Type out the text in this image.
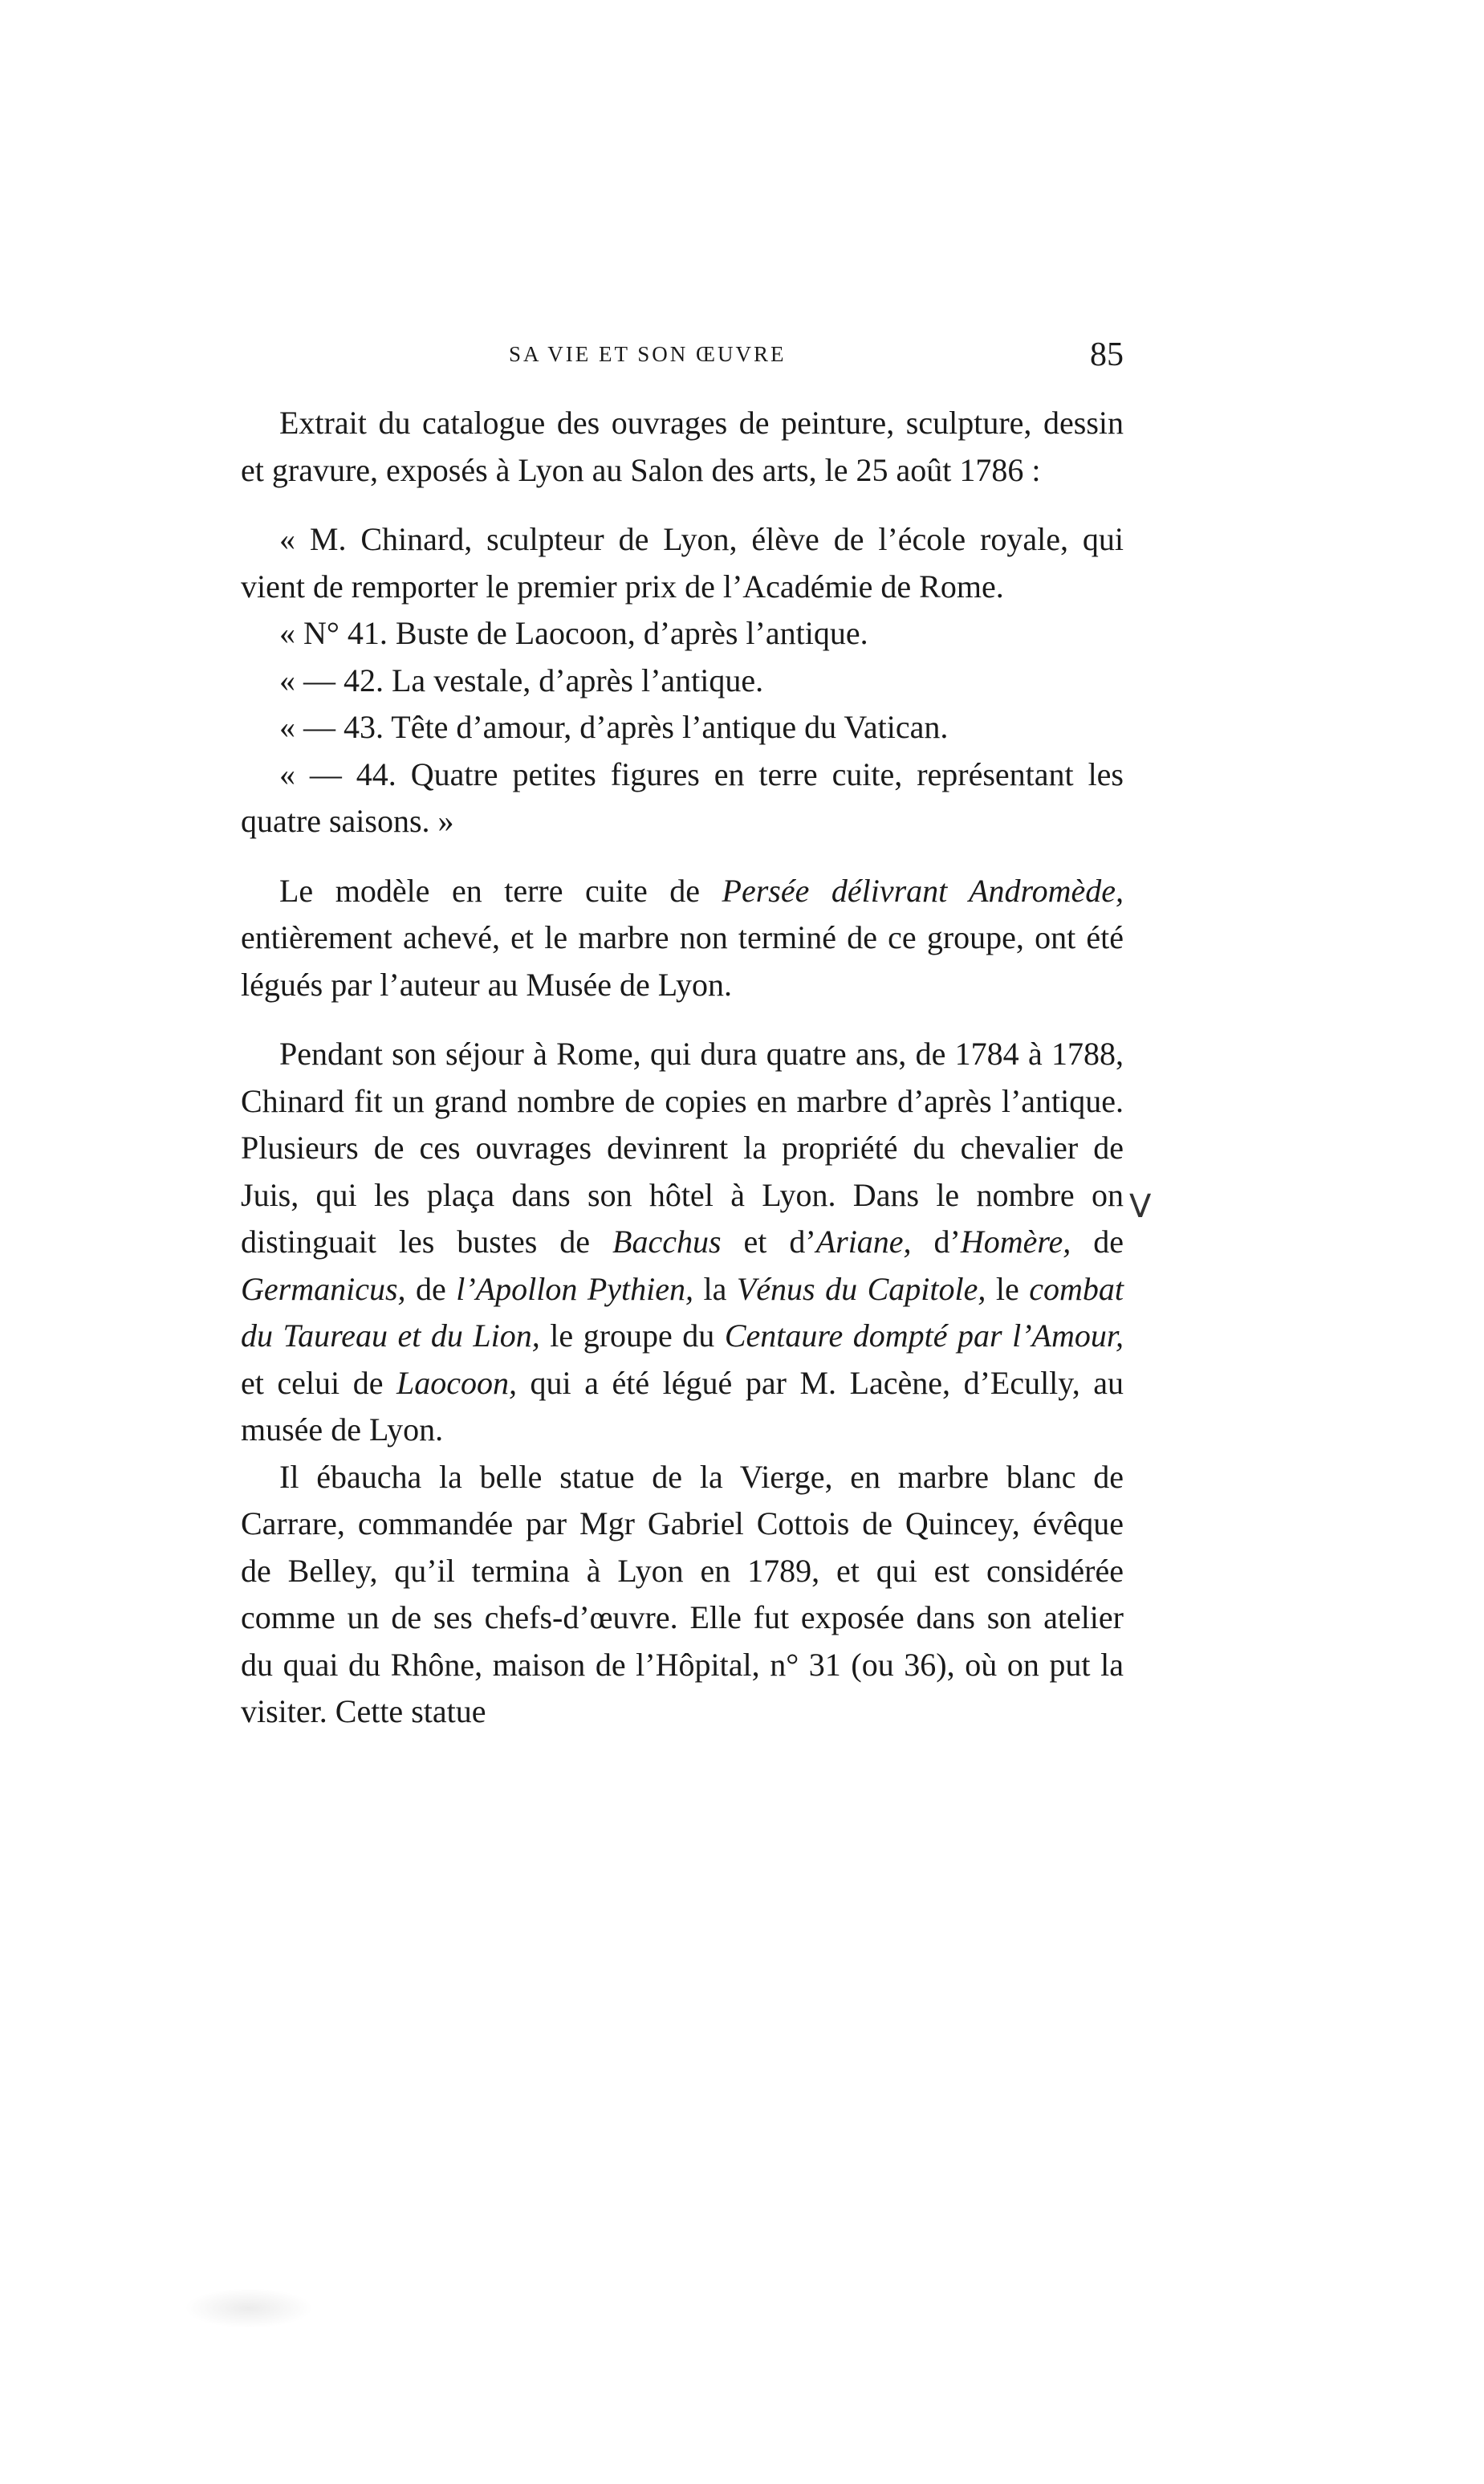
SA VIE ET SON ŒUVRE	85

Extrait du catalogue des ouvrages de peinture, sculpture, dessin et gravure, exposés à Lyon au Salon des arts, le 25 août 1786 :

« M. Chinard, sculpteur de Lyon, élève de l’école royale, qui vient de remporter le premier prix de l’Académie de Rome.

« N° 41. Buste de Laocoon, d’après l’antique.

« — 42. La vestale, d’après l’antique.

« — 43. Tête d’amour, d’après l’antique du Vatican.

« — 44. Quatre petites figures en terre cuite, représentant les quatre saisons. »

Le modèle en terre cuite de Persée délivrant Andromède, entièrement achevé, et le marbre non terminé de ce groupe, ont été légués par l’auteur au Musée de Lyon.

Pendant son séjour à Rome, qui dura quatre ans, de 1784 à 1788, Chinard fit un grand nombre de copies en marbre d’après l’antique. Plusieurs de ces ouvrages devinrent la propriété du chevalier de Juis, qui les plaça dans son hôtel à Lyon. Dans le nombre on distinguait les bustes de Bacchus et d’Ariane, d’Homère, de Germanicus, de l’Apollon Pythien, la Vénus du Capitole, le combat du Taureau et du Lion, le groupe du Centaure dompté par l’Amour, et celui de Laocoon, qui a été légué par M. Lacène, d’Ecully, au musée de Lyon.

Il ébaucha la belle statue de la Vierge, en marbre blanc de Carrare, commandée par Mgr Gabriel Cottois de Quincey, évêque de Belley, qu’il termina à Lyon en 1789, et qui est considérée comme un de ses chefs-d’œuvre. Elle fut exposée dans son atelier du quai du Rhône, maison de l’Hôpital, n° 31 (ou 36), où on put la visiter. Cette statue

V
